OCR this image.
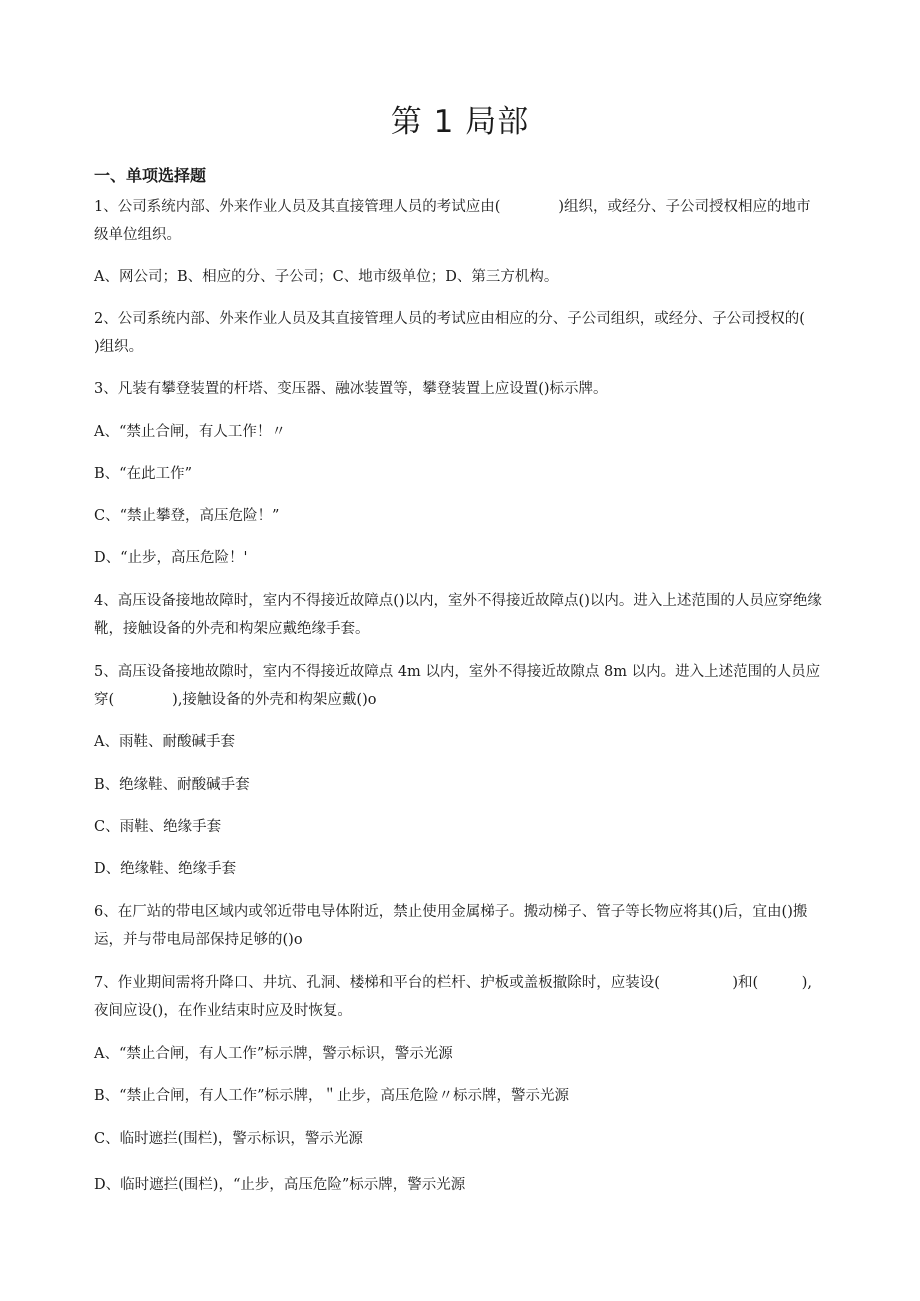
第 1 局部
一、单项选择题
1、公司系统内部、外来作业人员及其直接管理人员的考试应由(　　　　)组织，或经分、子公司授权相应的地市级单位组织。
A、网公司；B、相应的分、子公司；C、地市级单位；D、第三方机构。
2、公司系统内部、外来作业人员及其直接管理人员的考试应由相应的分、子公司组织，或经分、子公司授权的(　　　　　)组织。
3、凡装有攀登装置的杆塔、变压器、融冰装置等，攀登装置上应设置()标示牌。
A、“禁止合闸，有人工作！〃
B、“在此工作”
C、“禁止攀登，高压危险！”
D、“止步，高压危险！'
4、高压设备接地故障时，室内不得接近故障点()以内，室外不得接近故障点()以内。进入上述范围的人员应穿绝缘靴，接触设备的外壳和构架应戴绝缘手套。
5、高压设备接地故隙时，室内不得接近故障点 4m 以内，室外不得接近故隙点 8m 以内。进入上述范围的人员应穿(　　　　),接触设备的外壳和构架应戴()o
A、雨鞋、耐酸碱手套
B、绝缘鞋、耐酸碱手套
C、雨鞋、绝缘手套
D、绝缘鞋、绝缘手套
6、在厂站的带电区域内或邻近带电导体附近，禁止使用金属梯子。搬动梯子、管子等长物应将其()后，宜由()搬运，并与带电局部保持足够的()o
7、作业期间需将升降口、井坑、孔洞、楼梯和平台的栏杆、护板或盖板撤除时，应装设(　　　　　)和(　　　),夜间应设()，在作业结束时应及时恢复。
A、“禁止合闸，有人工作”标示牌，警示标识，警示光源
B、“禁止合闸，有人工作”标示牌，＂止步，高压危险〃标示牌，警示光源
C、临时遮拦(围栏)，警示标识，警示光源
D、临时遮拦(围栏)，“止步，高压危险”标示牌，警示光源
